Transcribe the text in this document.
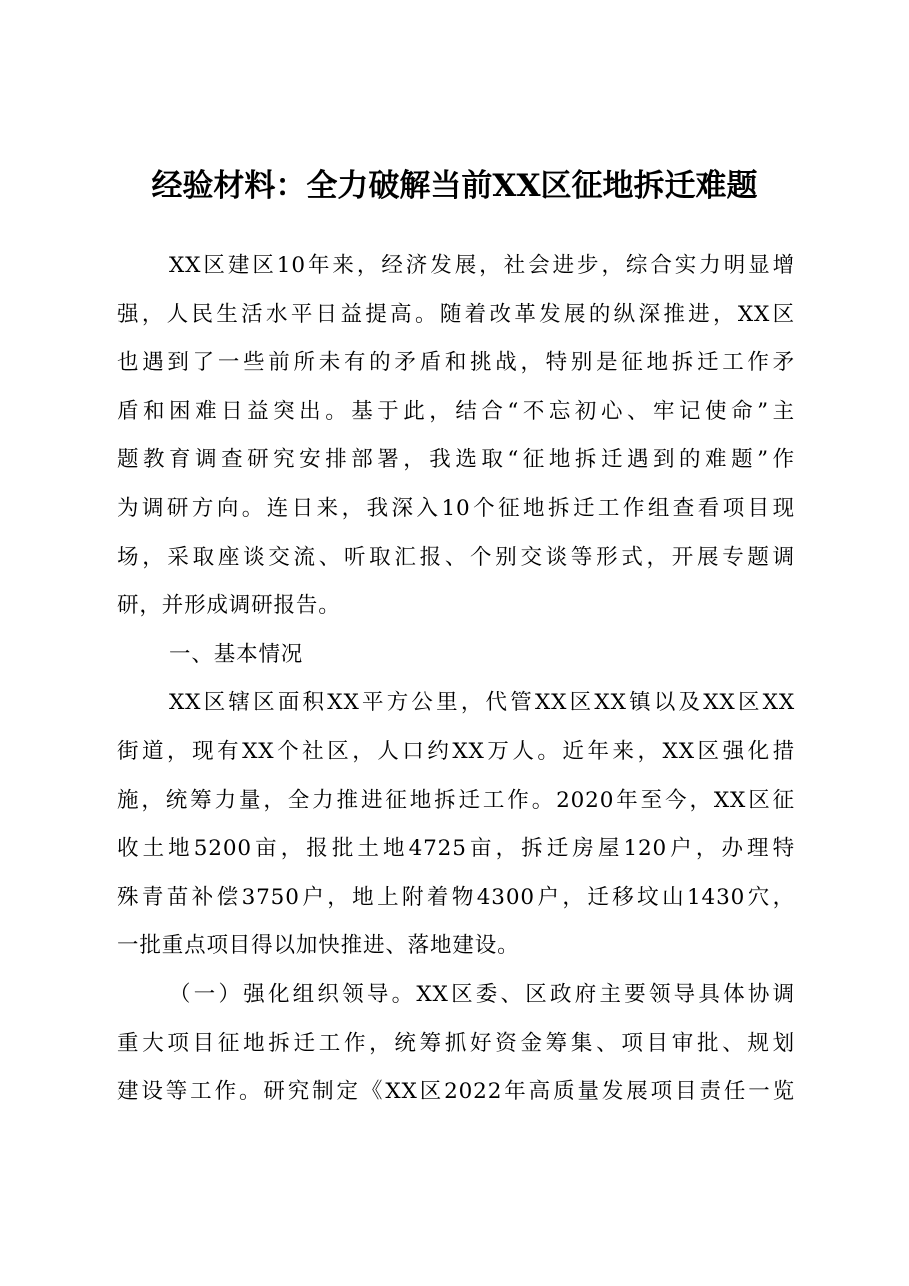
经验材料：全力破解当前XX区征地拆迁难题
XX区建区10年来，经济发展，社会进步，综合实力明显增
强，人民生活水平日益提高。随着改革发展的纵深推进，XX区
也遇到了一些前所未有的矛盾和挑战，特别是征地拆迁工作矛
盾和困难日益突出。基于此，结合“不忘初心、牢记使命”主
题教育调查研究安排部署，我选取“征地拆迁遇到的难题”作
为调研方向。连日来，我深入10个征地拆迁工作组查看项目现
场，采取座谈交流、听取汇报、个别交谈等形式，开展专题调
研，并形成调研报告。
一、基本情况
XX区辖区面积XX平方公里，代管XX区XX镇以及XX区XX
街道，现有XX个社区，人口约XX万人。近年来，XX区强化措
施，统筹力量，全力推进征地拆迁工作。2020年至今，XX区征
收土地5200亩，报批土地4725亩，拆迁房屋120户，办理特
殊青苗补偿3750户，地上附着物4300户，迁移坟山1430穴，
一批重点项目得以加快推进、落地建设。
（一）强化组织领导。XX区委、区政府主要领导具体协调
重大项目征地拆迁工作，统筹抓好资金筹集、项目审批、规划
建设等工作。研究制定《XX区2022年高质量发展项目责任一览
